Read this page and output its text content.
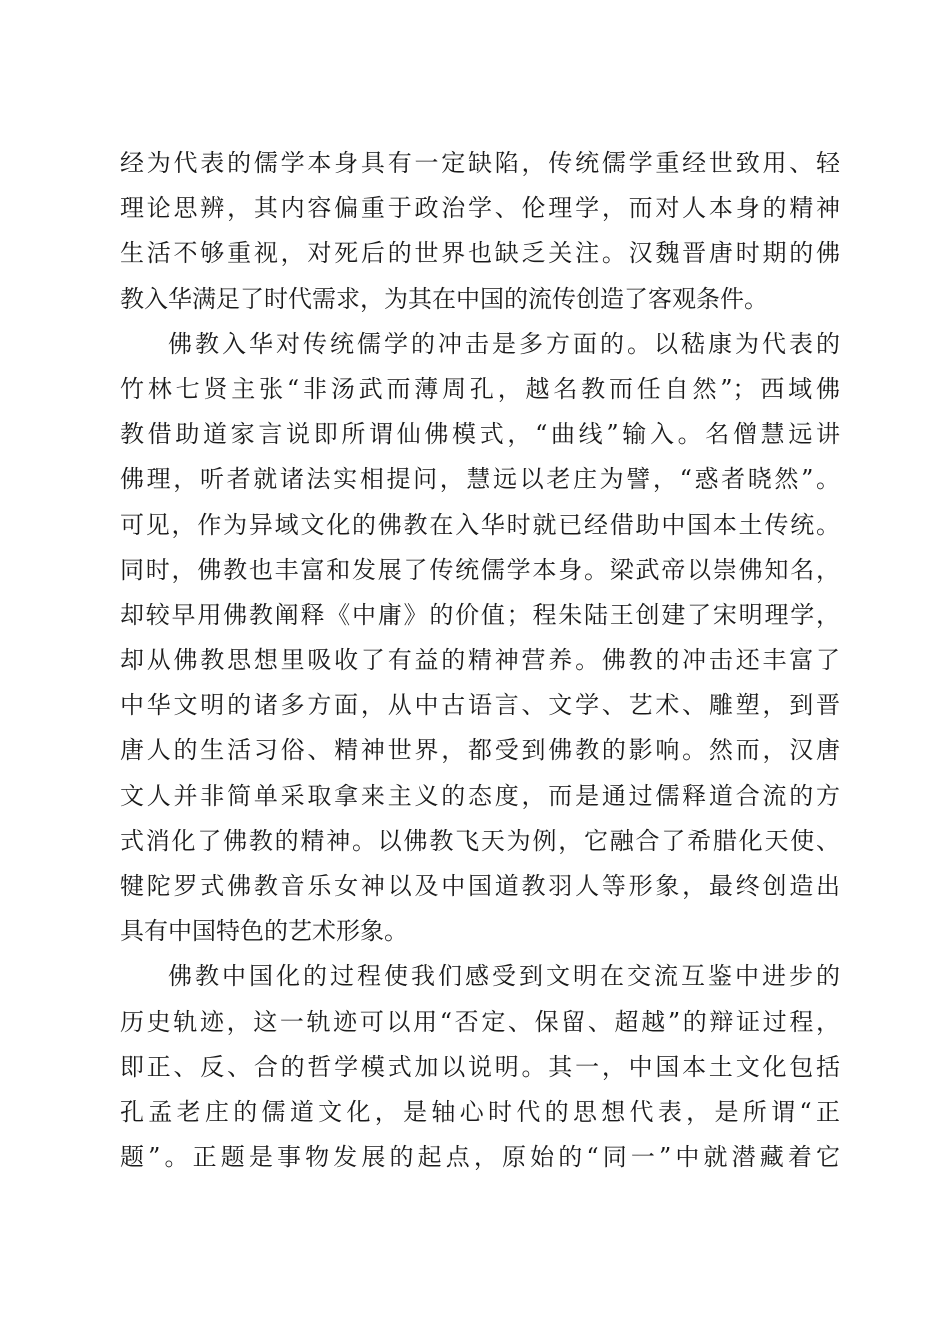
经为代表的儒学本身具有一定缺陷，传统儒学重经世致用、轻
理论思辨，其内容偏重于政治学、伦理学，而对人本身的精神
生活不够重视，对死后的世界也缺乏关注。汉魏晋唐时期的佛
教入华满足了时代需求，为其在中国的流传创造了客观条件。
佛教入华对传统儒学的冲击是多方面的。以嵇康为代表的
竹林七贤主张“非汤武而薄周孔，越名教而任自然”；西域佛
教借助道家言说即所谓仙佛模式，“曲线”输入。名僧慧远讲
佛理，听者就诸法实相提问，慧远以老庄为譬，“惑者晓然”。
可见，作为异域文化的佛教在入华时就已经借助中国本土传统。
同时，佛教也丰富和发展了传统儒学本身。梁武帝以崇佛知名，
却较早用佛教阐释《中庸》的价值；程朱陆王创建了宋明理学，
却从佛教思想里吸收了有益的精神营养。佛教的冲击还丰富了
中华文明的诸多方面，从中古语言、文学、艺术、雕塑，到晋
唐人的生活习俗、精神世界，都受到佛教的影响。然而，汉唐
文人并非简单采取拿来主义的态度，而是通过儒释道合流的方
式消化了佛教的精神。以佛教飞天为例，它融合了希腊化天使、
犍陀罗式佛教音乐女神以及中国道教羽人等形象，最终创造出
具有中国特色的艺术形象。
佛教中国化的过程使我们感受到文明在交流互鉴中进步的
历史轨迹，这一轨迹可以用“否定、保留、超越”的辩证过程，
即正、反、合的哲学模式加以说明。其一，中国本土文化包括
孔孟老庄的儒道文化，是轴心时代的思想代表，是所谓“正
题”。正题是事物发展的起点，原始的“同一”中就潜藏着它
